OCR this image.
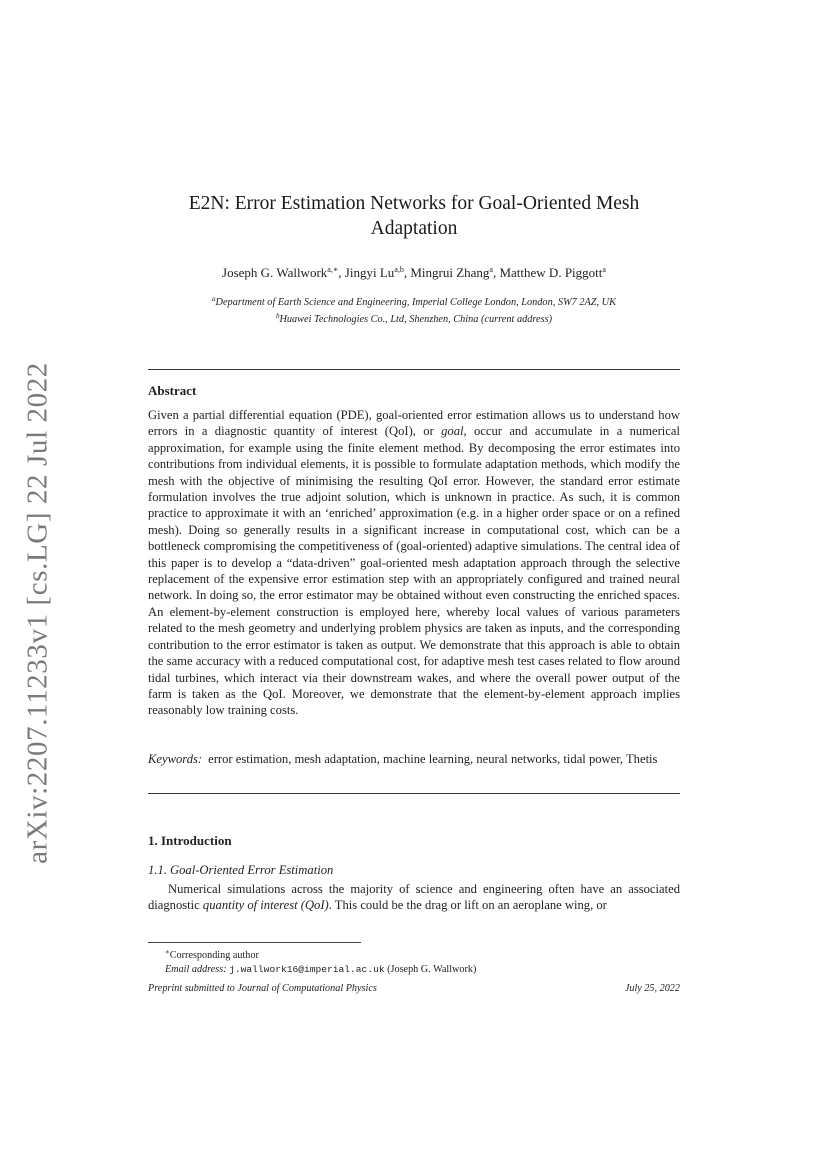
arXiv:2207.11233v1 [cs.LG] 22 Jul 2022
E2N: Error Estimation Networks for Goal-Oriented Mesh Adaptation
Joseph G. Wallwork$^{a,∗}$, Jingyi Lu$^{a,b}$, Mingrui Zhang$^a$, Matthew D. Piggott$^a$
$^a$Department of Earth Science and Engineering, Imperial College London, London, SW7 2AZ, UK
$^b$Huawei Technologies Co., Ltd, Shenzhen, China (current address)
Abstract

Given a partial differential equation (PDE), goal-oriented error estimation allows us to understand how errors in a diagnostic quantity of interest (QoI), or goal, occur and accumulate in a numerical approximation, for example using the finite element method. By decomposing the error estimates into contributions from individual elements, it is possible to formulate adaptation methods, which modify the mesh with the objective of minimising the resulting QoI error. However, the standard error estimate formulation involves the true adjoint solution, which is unknown in practice. As such, it is common practice to approximate it with an ‘enriched’ approximation (e.g. in a higher order space or on a refined mesh). Doing so generally results in a significant increase in computational cost, which can be a bottleneck compromising the competitiveness of (goal-oriented) adaptive simulations. The central idea of this paper is to develop a “data-driven” goal-oriented mesh adaptation approach through the selective replacement of the expensive error estimation step with an appropriately configured and trained neural network. In doing so, the error estimator may be obtained without even constructing the enriched spaces. An element-by-element construction is employed here, whereby local values of various parameters related to the mesh geometry and underlying problem physics are taken as inputs, and the corresponding contribution to the error estimator is taken as output. We demonstrate that this approach is able to obtain the same accuracy with a reduced computational cost, for adaptive mesh test cases related to flow around tidal turbines, which interact via their downstream wakes, and where the overall power output of the farm is taken as the QoI. Moreover, we demonstrate that the element-by-element approach implies reasonably low training costs.

Keywords: error estimation, mesh adaptation, machine learning, neural networks, tidal power, Thetis

1. Introduction
1.1. Goal-Oriented Error Estimation

Numerical simulations across the majority of science and engineering often have an associated diagnostic quantity of interest (QoI). This could be the drag or lift on an aeroplane wing, or

∗Corresponding author
Email address: j.wallwork16@imperial.ac.uk (Joseph G. Wallwork)
Preprint submitted to Journal of Computational Physics	July 25, 2022
